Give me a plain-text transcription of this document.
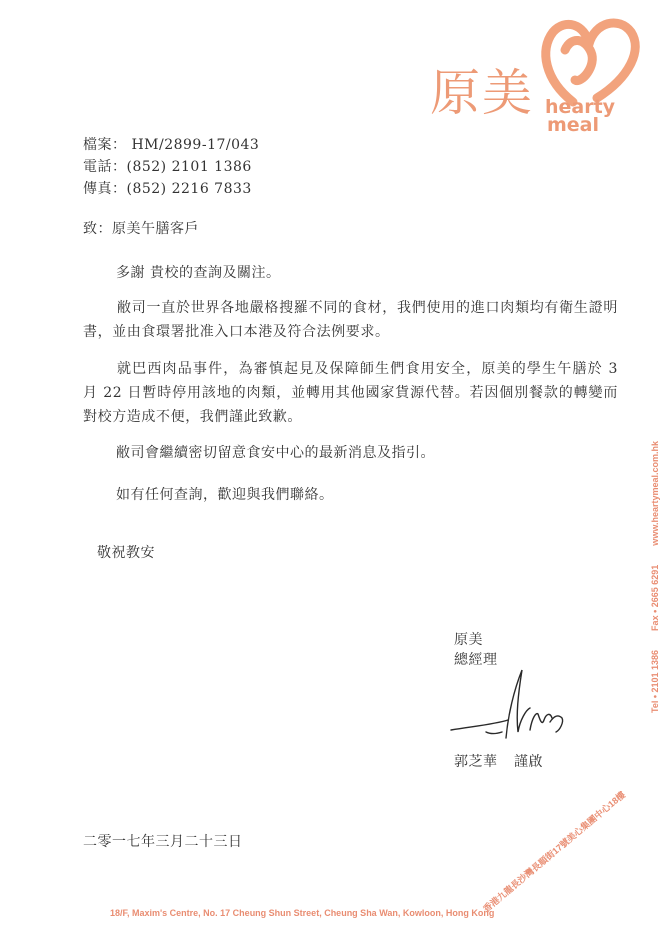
原美 hearty
meal
檔案： HM/2899-17/043
電話：(852) 2101 1386
傳真：(852) 2216 7833
致：原美午膳客戶
多謝 貴校的查詢及關注。
敝司一直於世界各地嚴格搜羅不同的食材，我們使用的進口肉類均有衛生證明書，並由食環署批准入口本港及符合法例要求。
就巴西肉品事件，為審慎起見及保障師生們食用安全，原美的學生午膳於 3 月 22 日暫時停用該地的肉類，並轉用其他國家貨源代替。若因個別餐款的轉變而對校方造成不便，我們謹此致歉。
敝司會繼續密切留意食安中心的最新消息及指引。
如有任何查詢，歡迎與我們聯絡。
敬祝教安
原美
總經理
郭芝華 謹啟
二零一七年三月二十三日
Tel • 2101 1386  Fax • 2665 6291  www.heartymeal.com.hk
香港九龍長沙灣長順街17號美心集團中心18樓
18/F, Maxim's Centre, No. 17 Cheung Shun Street, Cheung Sha Wan, Kowloon, Hong Kong
